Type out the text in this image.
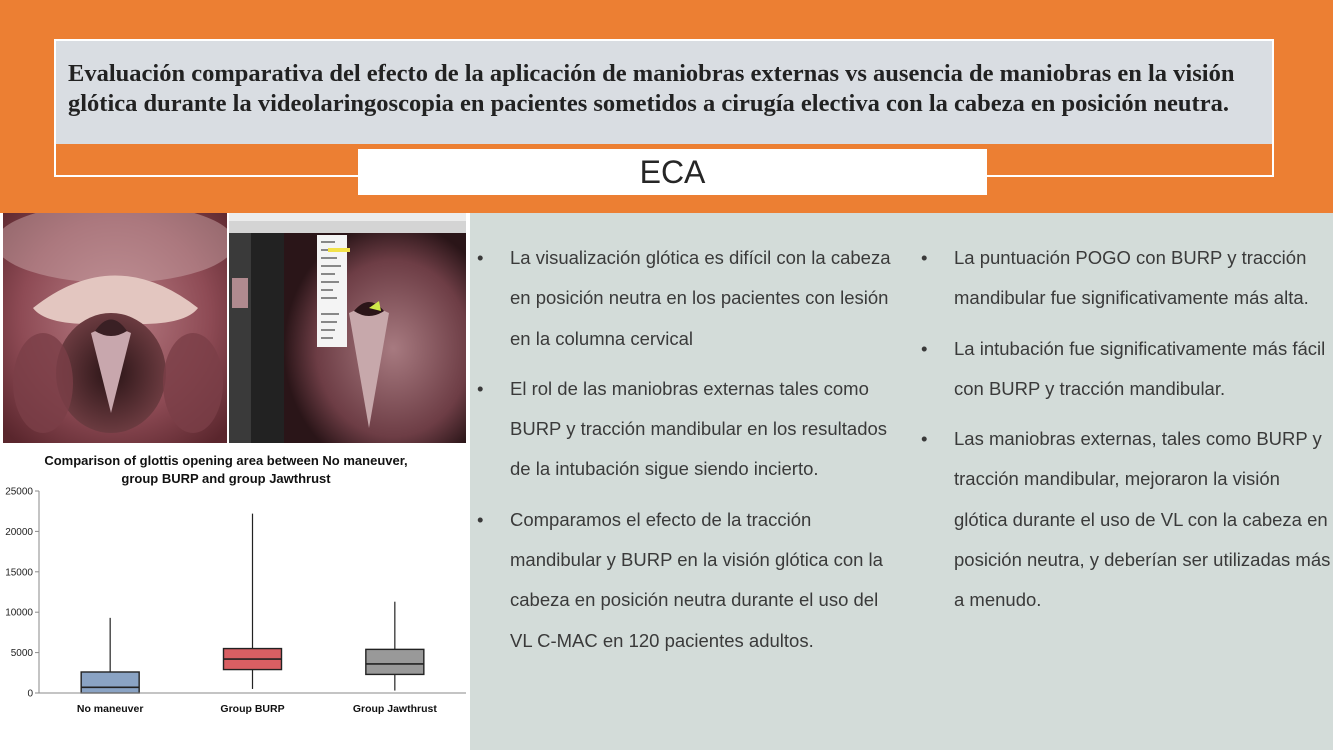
Evaluación comparativa del efecto de la aplicación de maniobras externas vs ausencia de maniobras en la visión glótica durante la videolaringoscopia en pacientes sometidos a cirugía electiva con la cabeza en posición neutra.

ECA
Comparison of glottis opening area between No maneuver,
group BURP and group Jawthrust
0
5000
10000
15000
20000
25000
No maneuver	Group BURP	Group Jawthrust
• La visualización glótica es difícil con la cabeza en posición neutra en los pacientes con lesión en la columna cervical
• El rol de las maniobras externas tales como BURP y tracción mandibular en los resultados de la intubación sigue siendo incierto.
• Comparamos el efecto de la tracción mandibular y BURP en la visión glótica con la cabeza en posición neutra durante el uso del VL C-MAC en 120 pacientes adultos.
• La puntuación POGO con BURP y tracción mandibular fue significativamente más alta.
• La intubación fue significativamente más fácil con BURP y tracción mandibular.
• Las maniobras externas, tales como BURP y tracción mandibular, mejoraron la visión glótica durante el uso de VL con la cabeza en posición neutra, y deberían ser utilizadas más a menudo.
